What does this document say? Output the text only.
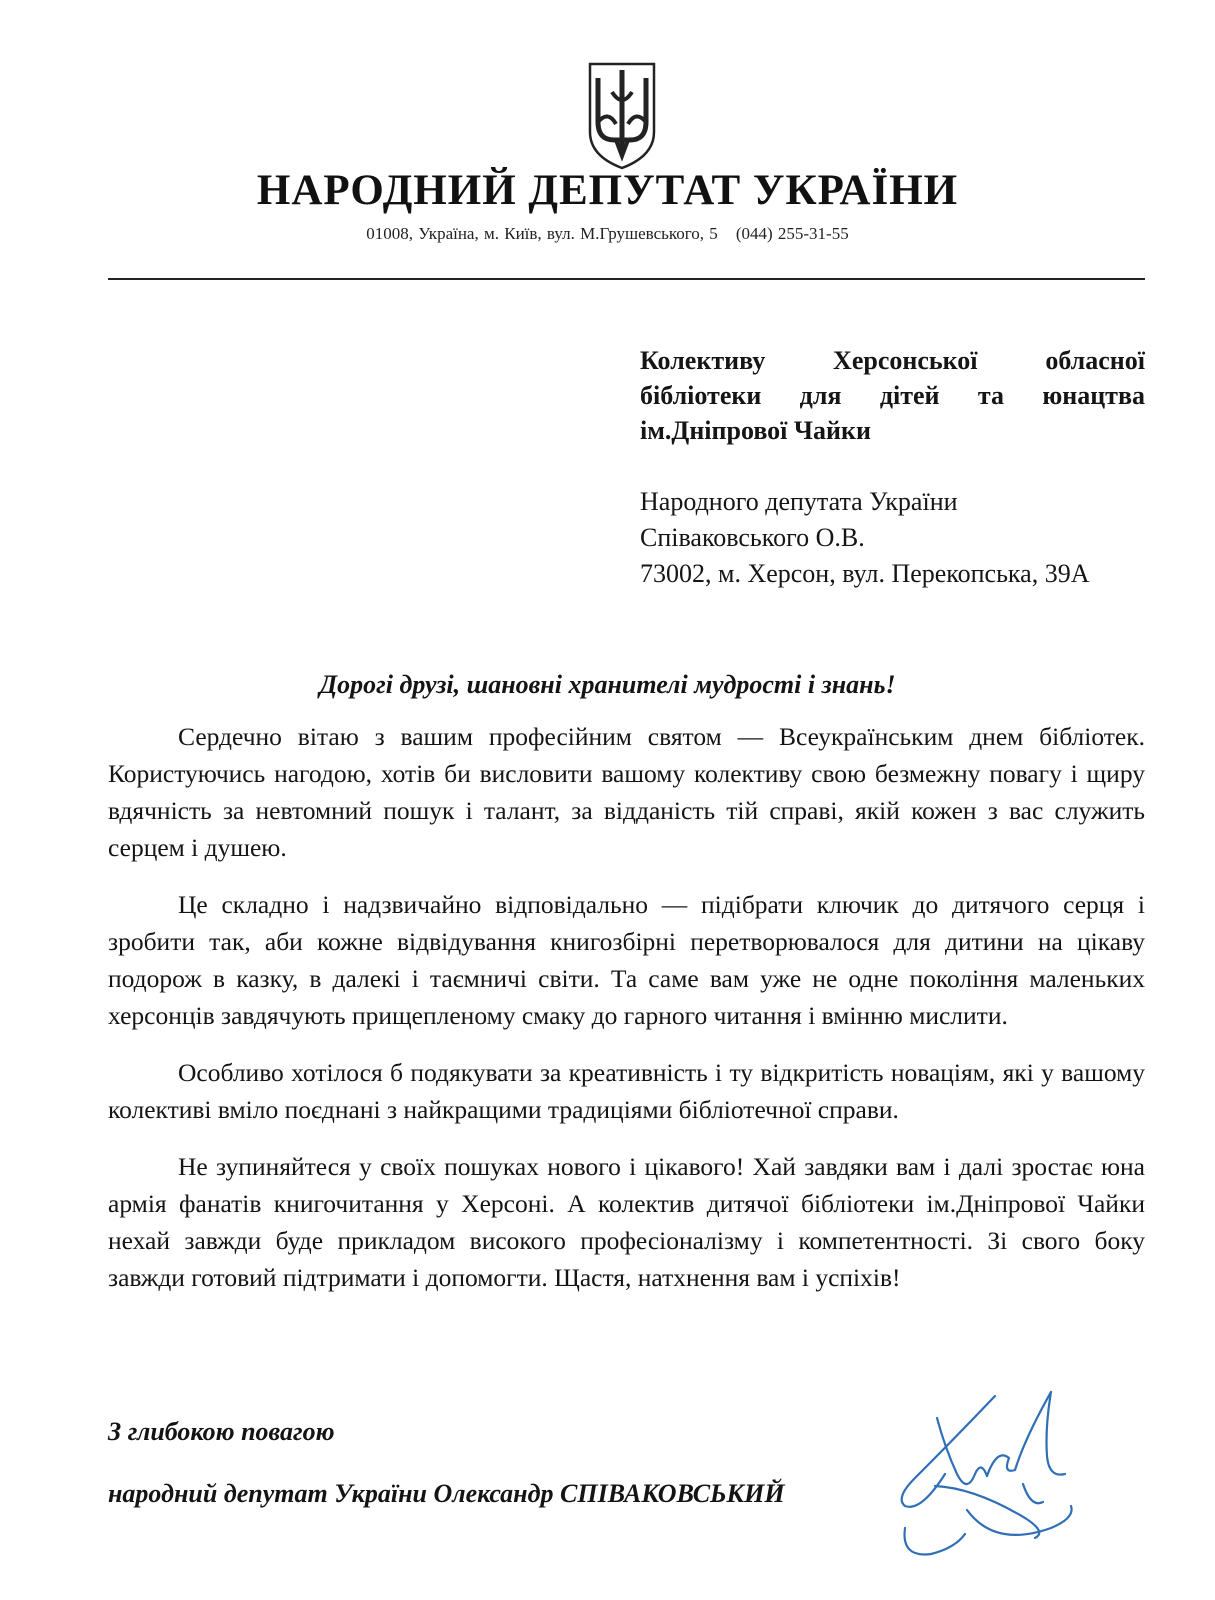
НАРОДНИЙ ДЕПУТАТ УКРАЇНИ
01008, Україна, м. Київ, вул. М.Грушевського, 5 (044) 255-31-55
Колективу Херсонської обласної бібліотеки для дітей та юнацтва ім.Дніпрової Чайки
Народного депутата України
Співаковського О.В.
73002, м. Херсон, вул. Перекопська, 39А
Дорогі друзі, шановні хранителі мудрості і знань!

Сердечно вітаю з вашим професійним святом — Всеукраїнським днем бібліотек. Користуючись нагодою, хотів би висловити вашому колективу свою безмежну повагу і щиру вдячність за невтомний пошук і талант, за відданість тій справі, якій кожен з вас служить серцем і душею.

Це складно і надзвичайно відповідально — підібрати ключик до дитячого серця і зробити так, аби кожне відвідування книгозбірні перетворювалося для дитини на цікаву подорож в казку, в далекі і таємничі світи. Та саме вам уже не одне покоління маленьких херсонців завдячують прищепленому смаку до гарного читання і вмінню мислити.

Особливо хотілося б подякувати за креативність і ту відкритість новаціям, які у вашому колективі вміло поєднані з найкращими традиціями бібліотечної справи.

Не зупиняйтеся у своїх пошуках нового і цікавого! Хай завдяки вам і далі зростає юна армія фанатів книгочитання у Херсоні. А колектив дитячої бібліотеки ім.Дніпрової Чайки нехай завжди буде прикладом високого професіоналізму і компетентності. Зі свого боку завжди готовий підтримати і допомогти. Щастя, натхнення вам і успіхів!

З глибокою повагою
народний депутат України Олександр СПІВАКОВСЬКИЙ
